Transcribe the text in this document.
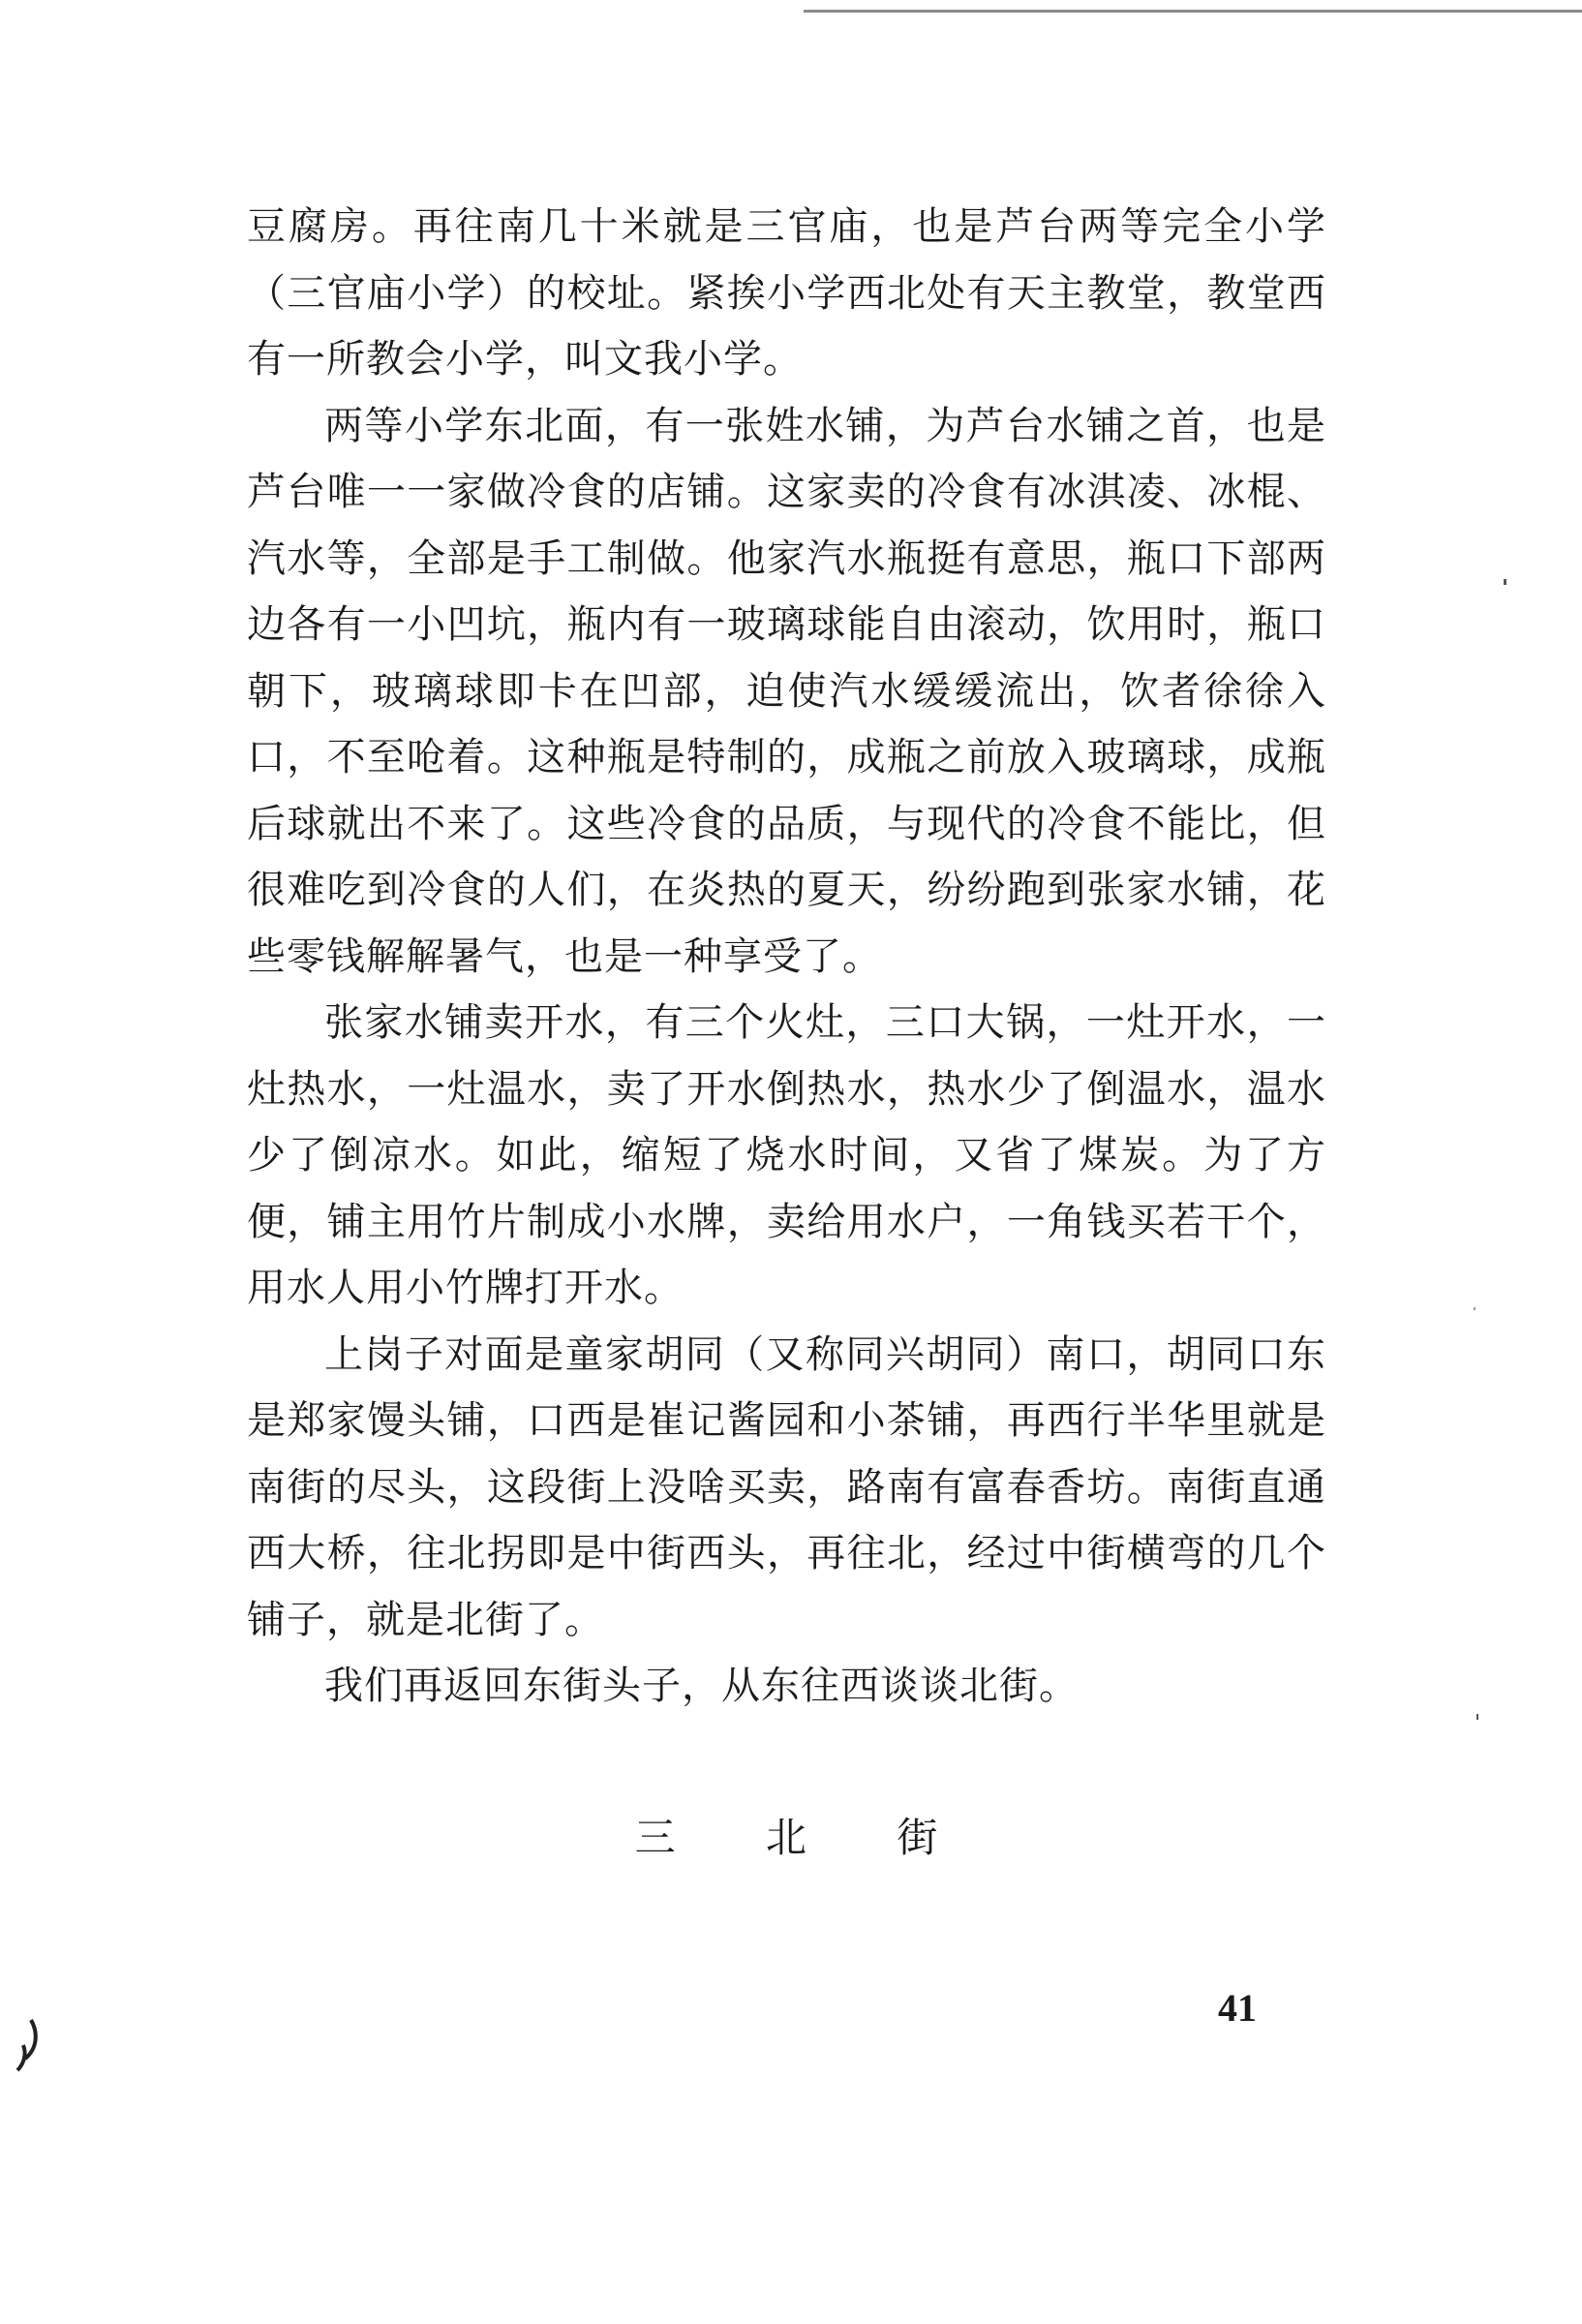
豆腐房。再往南几十米就是三官庙，也是芦台两等完全小学（三官庙小学）的校址。紧挨小学西北处有天主教堂，教堂西有一所教会小学，叫文我小学。

两等小学东北面，有一张姓水铺，为芦台水铺之首，也是芦台唯一一家做冷食的店铺。这家卖的冷食有冰淇凌、冰棍、汽水等，全部是手工制做。他家汽水瓶挺有意思，瓶口下部两边各有一小凹坑，瓶内有一玻璃球能自由滚动，饮用时，瓶口朝下，玻璃球即卡在凹部，迫使汽水缓缓流出，饮者徐徐入口，不至呛着。这种瓶是特制的，成瓶之前放入玻璃球，成瓶后球就出不来了。这些冷食的品质，与现代的冷食不能比，但很难吃到冷食的人们，在炎热的夏天，纷纷跑到张家水铺，花些零钱解解暑气，也是一种享受了。

张家水铺卖开水，有三个火灶，三口大锅，一灶开水，一灶热水，一灶温水，卖了开水倒热水，热水少了倒温水，温水少了倒凉水。如此，缩短了烧水时间，又省了煤炭。为了方便，铺主用竹片制成小水牌，卖给用水户，一角钱买若干个，用水人用小竹牌打开水。

上岗子对面是童家胡同（又称同兴胡同）南口，胡同口东是郑家馒头铺，口西是崔记酱园和小茶铺，再西行半华里就是南街的尽头，这段街上没啥买卖，路南有富春香坊。南街直通西大桥，往北拐即是中街西头，再往北，经过中街横弯的几个铺子，就是北街了。

我们再返回东街头子，从东往西谈谈北街。

三 北 街
41
